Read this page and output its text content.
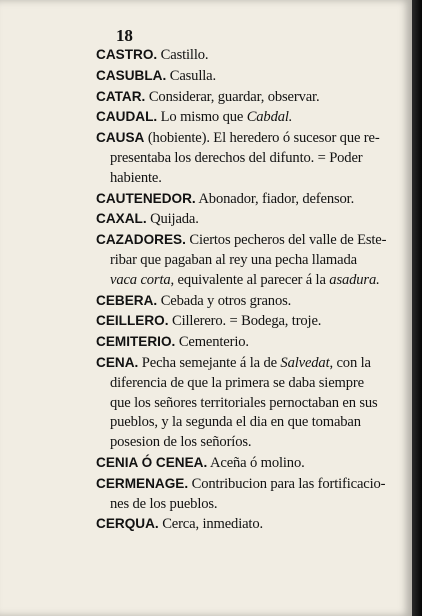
18

CASTRO. Castillo.

CASUBLA. Casulla.

CATAR. Considerar, guardar, observar.

CAUDAL. Lo mismo que Cabdal.

CAUSA (hobiente). El heredero ó sucesor que re-
presentaba los derechos del difunto. = Poder
habiente.

CAUTENEDOR. Abonador, fiador, defensor.

CAXAL. Quijada.

CAZADORES. Ciertos pecheros del valle de Este-
ribar que pagaban al rey una pecha llamada
vaca corta, equivalente al parecer á la asadura.

CEBERA. Cebada y otros granos.

CEILLERO. Cillerero. = Bodega, troje.

CEMITERIO. Cementerio.

CENA. Pecha semejante á la de Salvedat, con la
diferencia de que la primera se daba siempre
que los señores territoriales pernoctaban en sus
pueblos, y la segunda el dia en que tomaban
posesion de los señoríos.

CENIA Ó CENEA. Aceña ó molino.

CERMENAGE. Contribucion para las fortificacio-
nes de los pueblos.

CERQUA. Cerca, inmediato.
